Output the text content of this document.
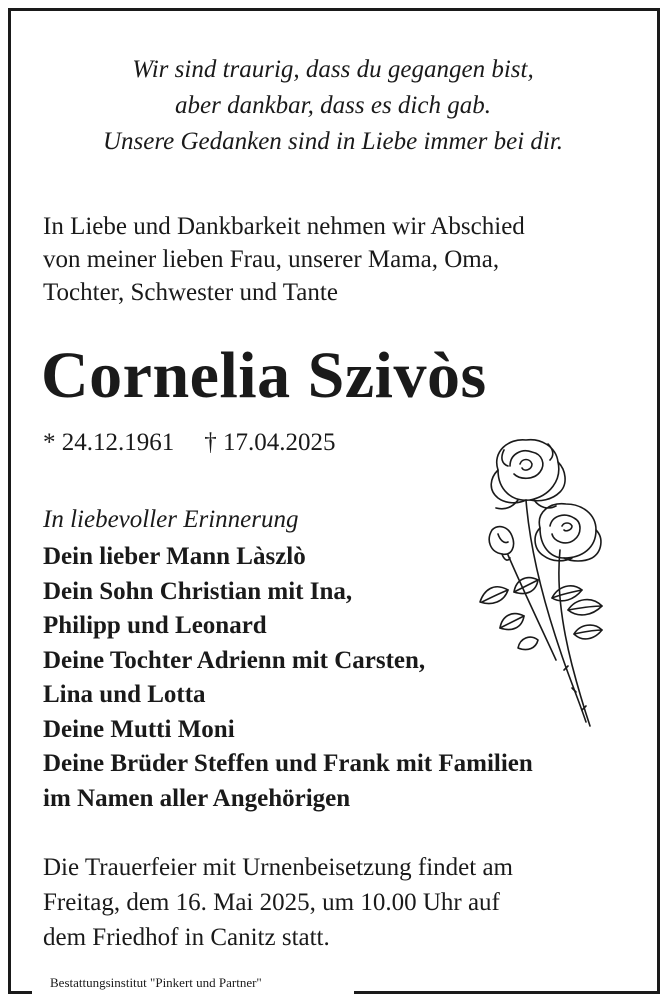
Wir sind traurig, dass du gegangen bist,
aber dankbar, dass es dich gab.
Unsere Gedanken sind in Liebe immer bei dir.
In Liebe und Dankbarkeit nehmen wir Abschied
von meiner lieben Frau, unserer Mama, Oma,
Tochter, Schwester und Tante
Cornelia Szivòs
* 24.12.1961 † 17.04.2025
In liebevoller Erinnerung
Dein lieber Mann Làszlò
Dein Sohn Christian mit Ina,
Philipp und Leonard
Deine Tochter Adrienn mit Carsten,
Lina und Lotta
Deine Mutti Moni
Deine Brüder Steffen und Frank mit Familien
im Namen aller Angehörigen
Die Trauerfeier mit Urnenbeisetzung findet am
Freitag, dem 16. Mai 2025, um 10.00 Uhr auf
dem Friedhof in Canitz statt.
Bestattungsinstitut "Pinkert und Partner"
